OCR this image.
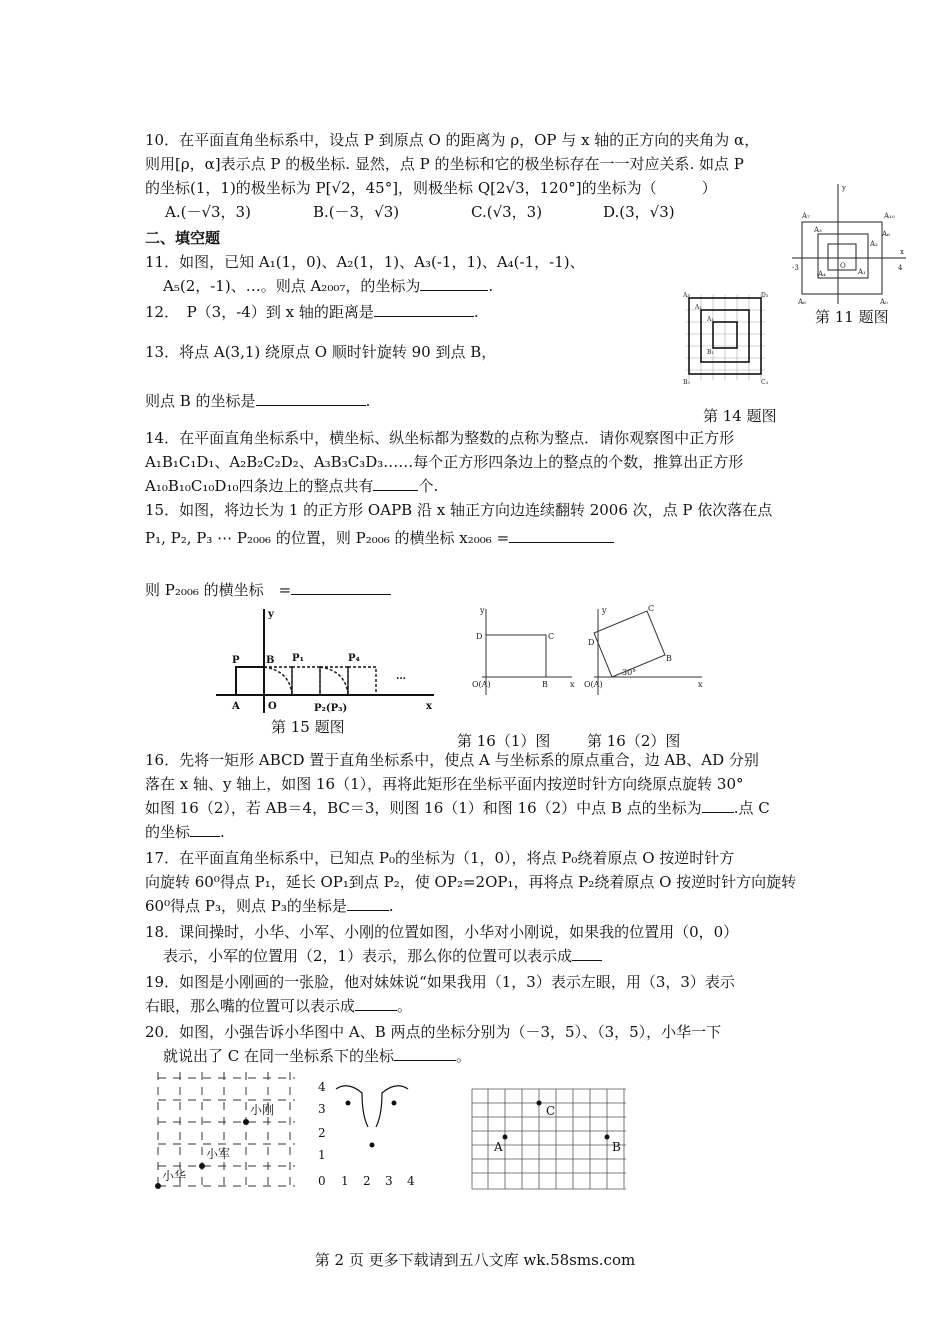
10．在平面直角坐标系中，设点 P 到原点 O 的距离为 ρ，OP 与 x 轴的正方向的夹角为 α，
则用[ρ，α]表示点 P 的极坐标. 显然，点 P 的坐标和它的极坐标存在一一对应关系. 如点 P
的坐标(1，1)的极坐标为 P[√2，45°]，则极坐标 Q[2√3，120°]的坐标为（　　　）
A.(－√3，3)	B.(－3，√3)	C.(√3，3)	D.(3，√3)
二、填空题
11．如图，已知 A₁(1，0)、A₂(1，1)、A₃(-1，1)、A₄(-1，-1)、
A₅(2，-1)、…。则点 A₂₀₀₇，的坐标为	.
y
x
A₇	A₁₀
A₆
A₃
A₂
A₄	A₁
O
-3	4
A₈	A₅
第 11 题图
A₃	D₃
A₂
A₁
B₁
B₃	C₃
第 14 题图
12．　P（3，-4）到 x 轴的距离是	.
13．将点 A(3,1) 绕原点 O 顺时针旋转 90 到点 B，
则点 B 的坐标是	.
14．在平面直角坐标系中，横坐标、纵坐标都为整数的点称为整点．请你观察图中正方形
A₁B₁C₁D₁、A₂B₂C₂D₂、A₃B₃C₃D₃……每个正方形四条边上的整点的个数，推算出正方形
A₁₀B₁₀C₁₀D₁₀四条边上的整点共有	个.
15．如图，将边长为 1 的正方形 OAPB 沿 x 轴正方向边连续翻转 2006 次，点 P 依次落在点
P₁, P₂, P₃ ⋯ P₂₀₀₆ 的位置，则 P₂₀₀₆ 的横坐标 x₂₀₀₆ =
则 P₂₀₀₆ 的横坐标　=
y
x
P	B P₁	P₄
A	O	P₂(P₃)
…
第 15 题图
y
x
D	C
O(A)	B
y
x
O(A)
C
D
B
30°
第 16（1）图 第 16（2）图
16．先将一矩形 ABCD 置于直角坐标系中，使点 A 与坐标系的原点重合，边 AB、AD 分别
落在 x 轴、y 轴上，如图 16（1），再将此矩形在坐标平面内按逆时针方向绕原点旋转 30°
如图 16（2），若 AB＝4，BC＝3，则图 16（1）和图 16（2）中点 B 点的坐标为 .点 C
的坐标 .
17．在平面直角坐标系中，已知点 P₀的坐标为（1，0），将点 P₀绕着原点 O 按逆时针方
向旋转 60⁰得点 P₁，延长 OP₁到点 P₂，使 OP₂=2OP₁，再将点 P₂绕着原点 O 按逆时针方向旋转
60⁰得点 P₃，则点 P₃的坐标是	.
18．课间操时，小华、小军、小刚的位置如图，小华对小刚说，如果我的位置用（0，0）
表示，小军的位置用（2，1）表示，那么你的位置可以表示成
19．如图是小刚画的一张脸，他对妹妹说“如果我用（1，3）表示左眼，用（3，3）表示
右眼，那么嘴的位置可以表示成	。
20．如图，小强告诉小华图中 A、B 两点的坐标分别为（－3，5）、（3，5），小华一下
就说出了 C 在同一坐标系下的坐标	。
小刚
小军
小华
4
3
2
1
0 1 2 3 4
A	B
C
第 2 页 更多下载请到五八文库 wk.58sms.com
